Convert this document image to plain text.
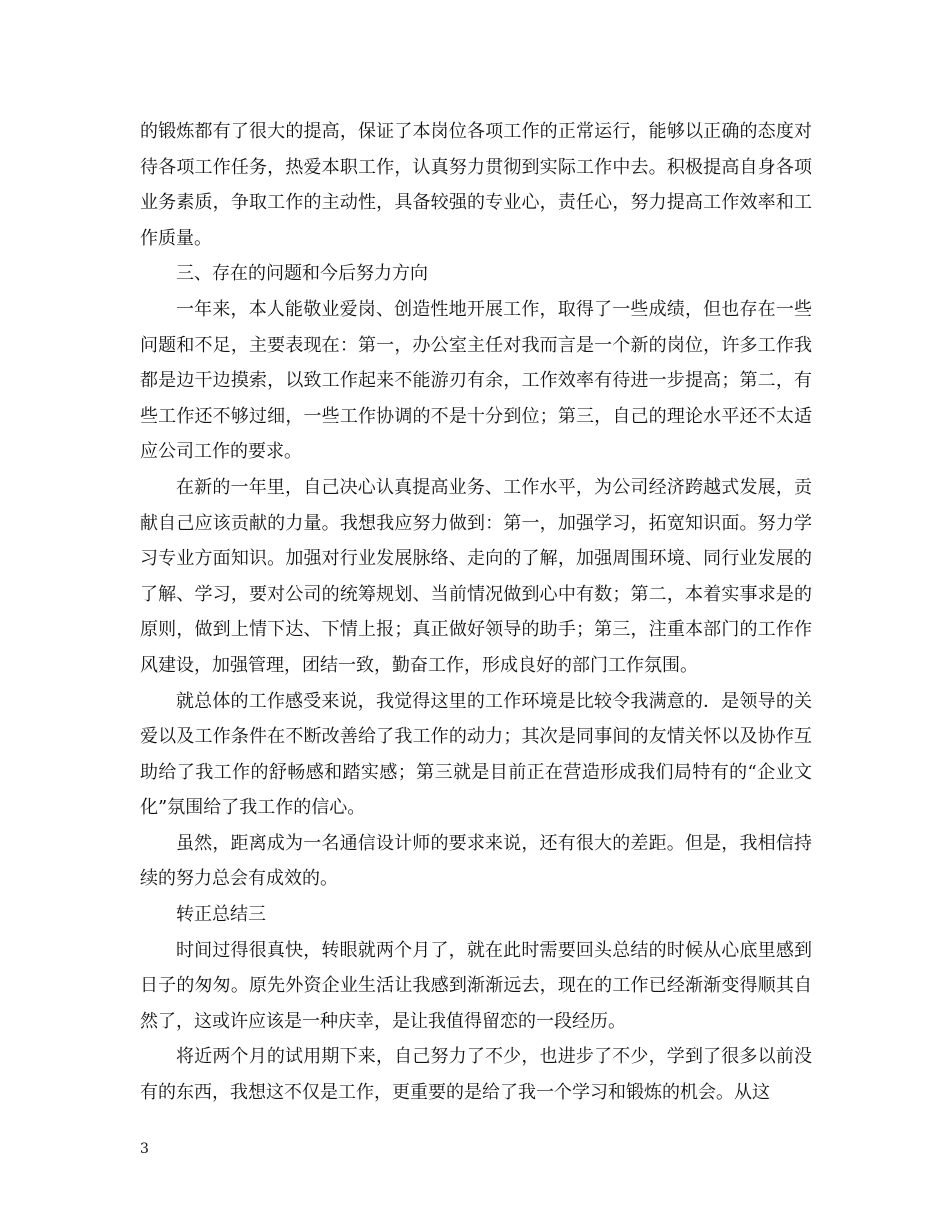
的锻炼都有了很大的提高，保证了本岗位各项工作的正常运行，能够以正确的态度对待各项工作任务，热爱本职工作，认真努力贯彻到实际工作中去。积极提高自身各项业务素质，争取工作的主动性，具备较强的专业心，责任心，努力提高工作效率和工作质量。

三、存在的问题和今后努力方向

一年来，本人能敬业爱岗、创造性地开展工作，取得了一些成绩，但也存在一些问题和不足，主要表现在：第一，办公室主任对我而言是一个新的岗位，许多工作我都是边干边摸索，以致工作起来不能游刃有余，工作效率有待进一步提高；第二，有些工作还不够过细，一些工作协调的不是十分到位；第三，自己的理论水平还不太适应公司工作的要求。

在新的一年里，自己决心认真提高业务、工作水平，为公司经济跨越式发展，贡献自己应该贡献的力量。我想我应努力做到：第一，加强学习，拓宽知识面。努力学习专业方面知识。加强对行业发展脉络、走向的了解，加强周围环境、同行业发展的了解、学习，要对公司的统筹规划、当前情况做到心中有数；第二，本着实事求是的原则，做到上情下达、下情上报；真正做好领导的助手；第三，注重本部门的工作作风建设，加强管理，团结一致，勤奋工作，形成良好的部门工作氛围。

就总体的工作感受来说，我觉得这里的工作环境是比较令我满意的．是领导的关爱以及工作条件在不断改善给了我工作的动力；其次是同事间的友情关怀以及协作互助给了我工作的舒畅感和踏实感；第三就是目前正在营造形成我们局特有的“企业文化”氛围给了我工作的信心。

虽然，距离成为一名通信设计师的要求来说，还有很大的差距。但是，我相信持续的努力总会有成效的。

转正总结三

时间过得很真快，转眼就两个月了，就在此时需要回头总结的时候从心底里感到日子的匆匆。原先外资企业生活让我感到渐渐远去，现在的工作已经渐渐变得顺其自然了，这或许应该是一种庆幸，是让我值得留恋的一段经历。

将近两个月的试用期下来，自己努力了不少，也进步了不少，学到了很多以前没有的东西，我想这不仅是工作，更重要的是给了我一个学习和锻炼的机会。从这

3
